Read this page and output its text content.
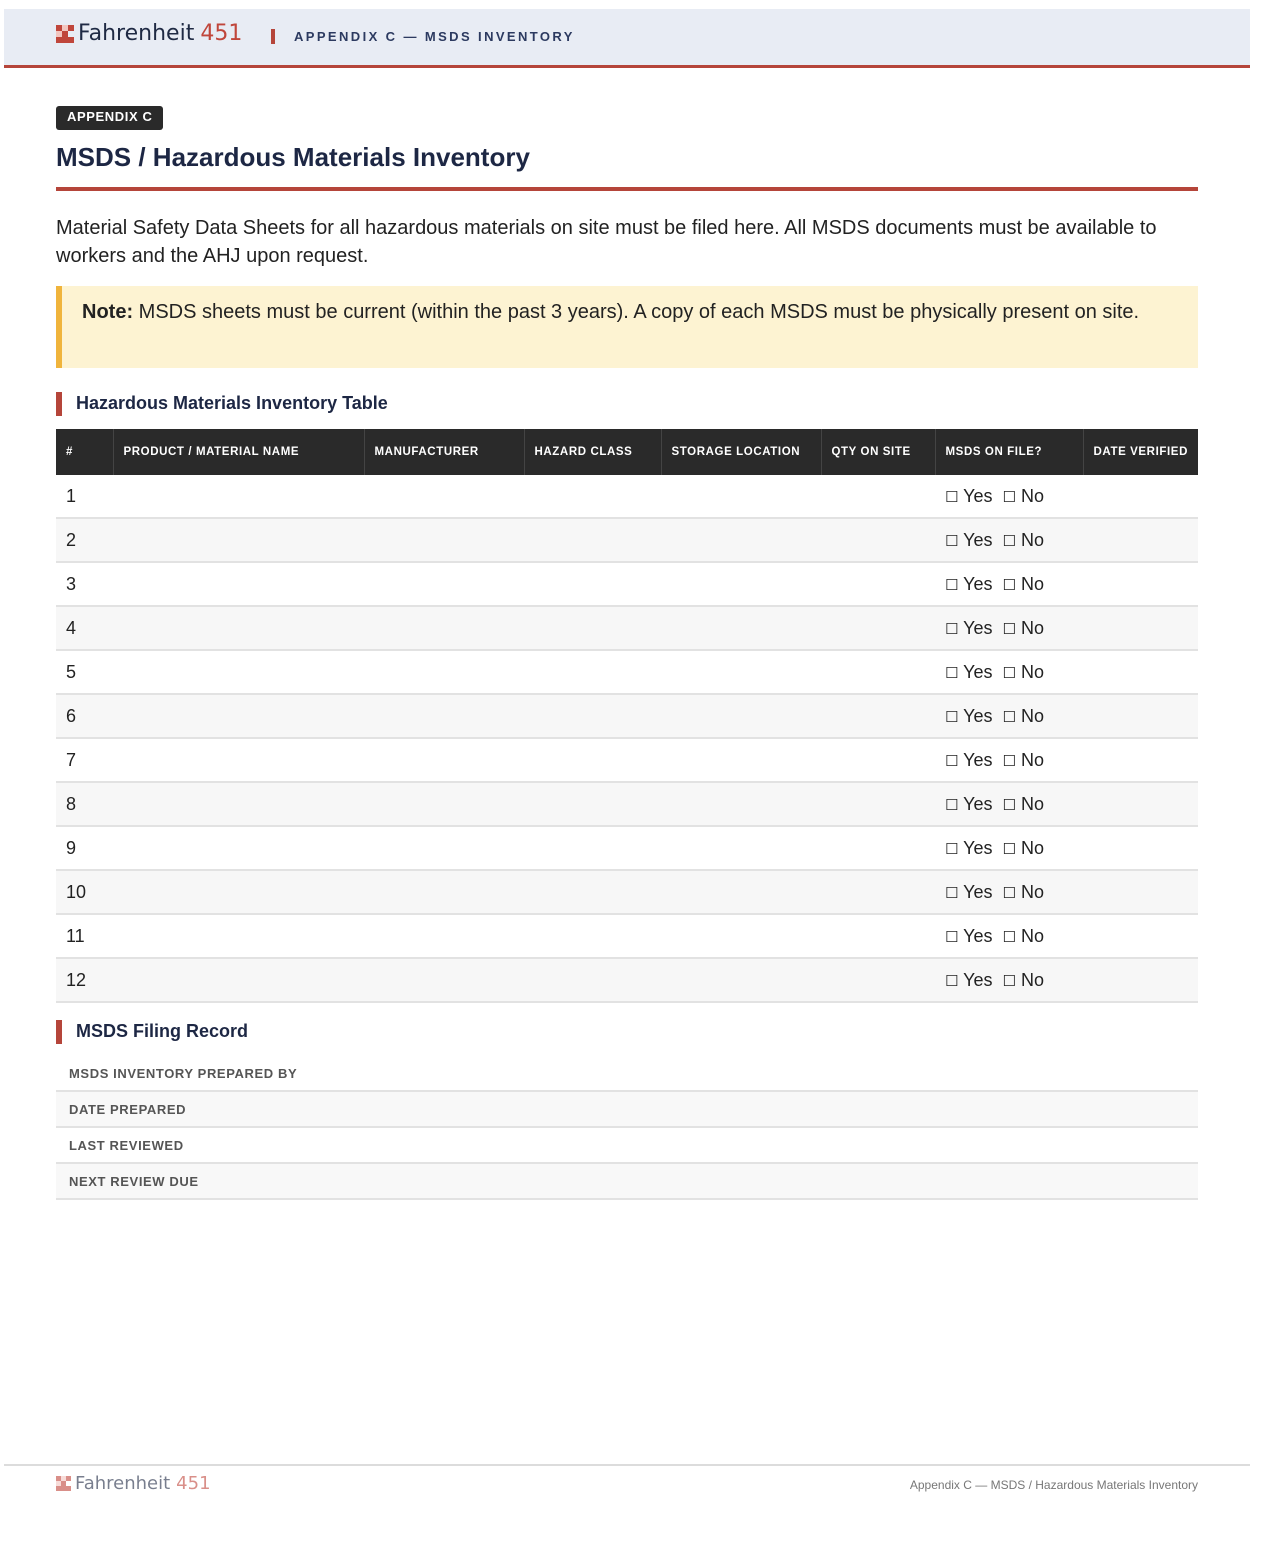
Fahrenheit 451	APPENDIX C — MSDS INVENTORY
APPENDIX C
MSDS / Hazardous Materials Inventory

Material Safety Data Sheets for all hazardous materials on site must be filed here. All MSDS documents must be available to workers and the AHJ upon request.

Note: MSDS sheets must be current (within the past 3 years). A copy of each MSDS must be physically present on site.

Hazardous Materials Inventory Table
#	PRODUCT / MATERIAL NAME	MANUFACTURER	HAZARD CLASS	STORAGE LOCATION	QTY ON SITE	MSDS ON FILE?	DATE VERIFIED
1						☐ Yes ☐ No	
2						☐ Yes ☐ No	
3						☐ Yes ☐ No	
4						☐ Yes ☐ No	
5						☐ Yes ☐ No	
6						☐ Yes ☐ No	
7						☐ Yes ☐ No	
8						☐ Yes ☐ No	
9						☐ Yes ☐ No	
10						☐ Yes ☐ No	
11						☐ Yes ☐ No	
12						☐ Yes ☐ No	
MSDS Filing Record
MSDS INVENTORY PREPARED BY
DATE PREPARED
LAST REVIEWED
NEXT REVIEW DUE
Fahrenheit 451	Appendix C — MSDS / Hazardous Materials Inventory
